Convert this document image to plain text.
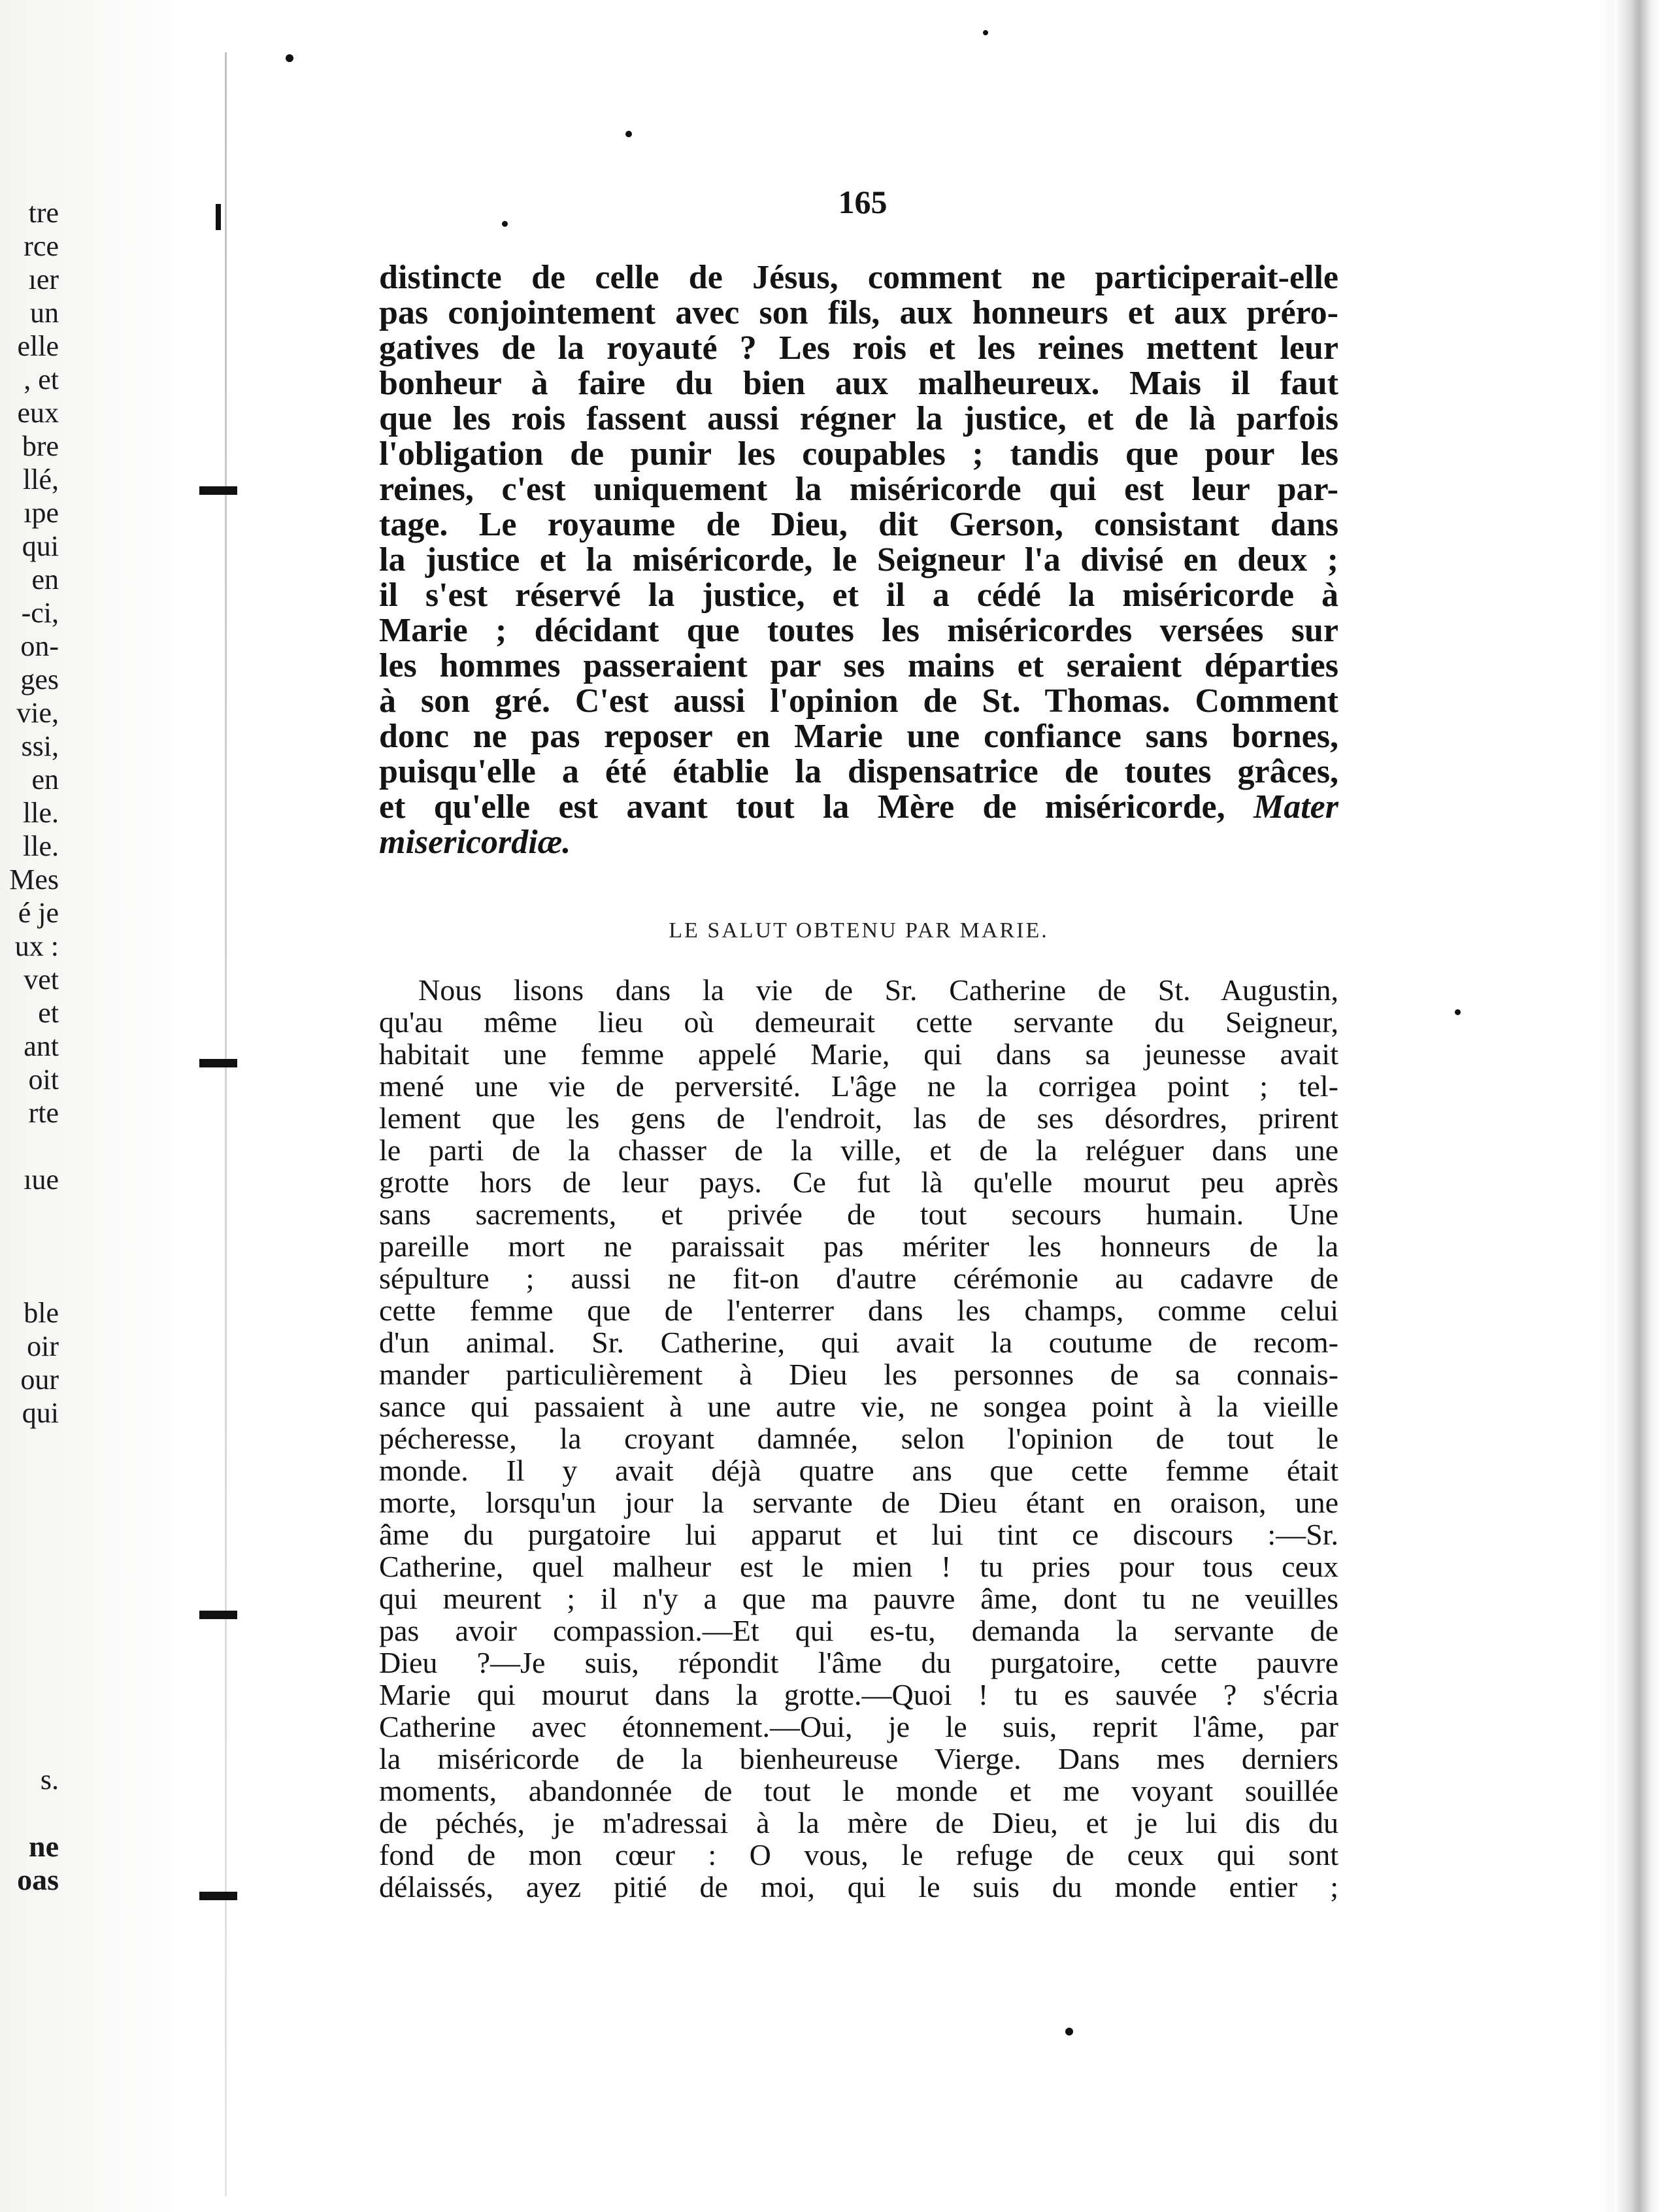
tre
rce
ıer
un
elle
, et
eux
bre
llé,
ıpe
qui
en
-ci,
on-
ges
vie,
ssi,
en
lle.
lle.
Mes
é je
ux :
vet
et
ant
oit
rte
ıue
ble
oir
our
qui
s.
ne
oas
165
distincte de celle de Jésus, comment ne participerait-elle
pas conjointement avec son fils, aux honneurs et aux préro-
gatives de la royauté ? Les rois et les reines mettent leur
bonheur à faire du bien aux malheureux. Mais il faut
que les rois fassent aussi régner la justice, et de là parfois
l'obligation de punir les coupables ; tandis que pour les
reines, c'est uniquement la miséricorde qui est leur par-
tage. Le royaume de Dieu, dit Gerson, consistant dans
la justice et la miséricorde, le Seigneur l'a divisé en deux ;
il s'est réservé la justice, et il a cédé la miséricorde à
Marie ; décidant que toutes les miséricordes versées sur
les hommes passeraient par ses mains et seraient départies
à son gré. C'est aussi l'opinion de St. Thomas. Comment
donc ne pas reposer en Marie une confiance sans bornes,
puisqu'elle a été établie la dispensatrice de toutes grâces,
et qu'elle est avant tout la Mère de miséricorde, Mater
misericordiæ.
LE SALUT OBTENU PAR MARIE.
Nous lisons dans la vie de Sr. Catherine de St. Augustin,
qu'au même lieu où demeurait cette servante du Seigneur,
habitait une femme appelé Marie, qui dans sa jeunesse avait
mené une vie de perversité. L'âge ne la corrigea point ; tel-
lement que les gens de l'endroit, las de ses désordres, prirent
le parti de la chasser de la ville, et de la reléguer dans une
grotte hors de leur pays. Ce fut là qu'elle mourut peu après
sans sacrements, et privée de tout secours humain. Une
pareille mort ne paraissait pas mériter les honneurs de la
sépulture ; aussi ne fit-on d'autre cérémonie au cadavre de
cette femme que de l'enterrer dans les champs, comme celui
d'un animal. Sr. Catherine, qui avait la coutume de recom-
mander particulièrement à Dieu les personnes de sa connais-
sance qui passaient à une autre vie, ne songea point à la vieille
pécheresse, la croyant damnée, selon l'opinion de tout le
monde. Il y avait déjà quatre ans que cette femme était
morte, lorsqu'un jour la servante de Dieu étant en oraison, une
âme du purgatoire lui apparut et lui tint ce discours :—Sr.
Catherine, quel malheur est le mien ! tu pries pour tous ceux
qui meurent ; il n'y a que ma pauvre âme, dont tu ne veuilles
pas avoir compassion.—Et qui es-tu, demanda la servante de
Dieu ?—Je suis, répondit l'âme du purgatoire, cette pauvre
Marie qui mourut dans la grotte.—Quoi ! tu es sauvée ? s'écria
Catherine avec étonnement.—Oui, je le suis, reprit l'âme, par
la miséricorde de la bienheureuse Vierge. Dans mes derniers
moments, abandonnée de tout le monde et me voyant souillée
de péchés, je m'adressai à la mère de Dieu, et je lui dis du
fond de mon cœur : O vous, le refuge de ceux qui sont
délaissés, ayez pitié de moi, qui le suis du monde entier ;
